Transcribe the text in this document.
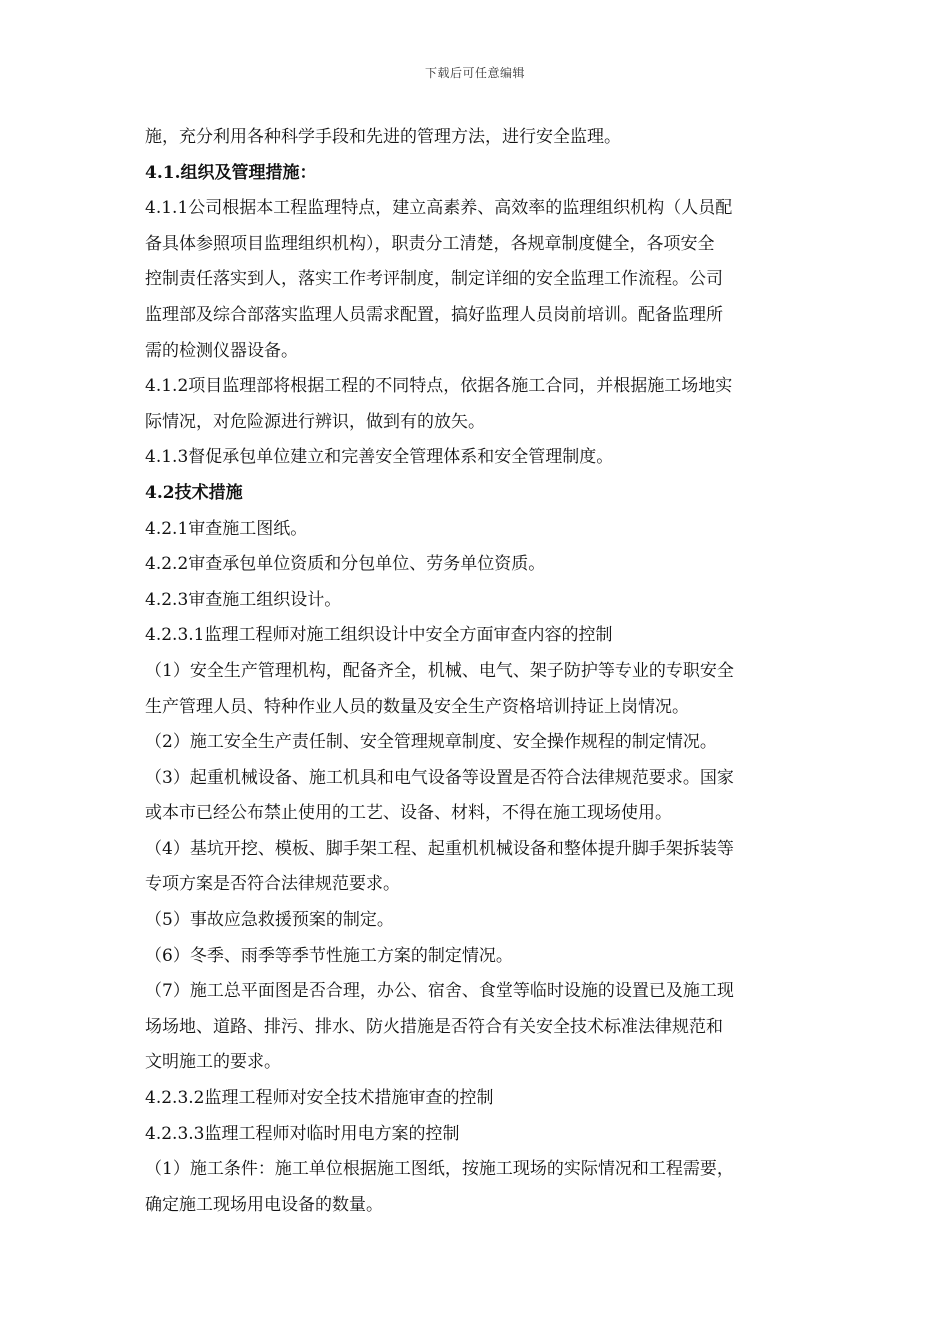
下载后可任意编辑
施，充分利用各种科学手段和先进的管理方法，进行安全监理。
4.1.组织及管理措施：
4.1.1公司根据本工程监理特点，建立高素养、高效率的监理组织机构（人员配
备具体参照项目监理组织机构），职责分工清楚，各规章制度健全，各项安全
控制责任落实到人，落实工作考评制度，制定详细的安全监理工作流程。公司
监理部及综合部落实监理人员需求配置，搞好监理人员岗前培训。配备监理所
需的检测仪器设备。
4.1.2项目监理部将根据工程的不同特点，依据各施工合同，并根据施工场地实
际情况，对危险源进行辨识，做到有的放矢。
4.1.3督促承包单位建立和完善安全管理体系和安全管理制度。
4.2技术措施
4.2.1审查施工图纸。
4.2.2审查承包单位资质和分包单位、劳务单位资质。
4.2.3审查施工组织设计。
4.2.3.1监理工程师对施工组织设计中安全方面审查内容的控制
（1）安全生产管理机构，配备齐全，机械、电气、架子防护等专业的专职安全
生产管理人员、特种作业人员的数量及安全生产资格培训持证上岗情况。
（2）施工安全生产责任制、安全管理规章制度、安全操作规程的制定情况。
（3）起重机械设备、施工机具和电气设备等设置是否符合法律规范要求。国家
或本市已经公布禁止使用的工艺、设备、材料，不得在施工现场使用。
（4）基坑开挖、模板、脚手架工程、起重机机械设备和整体提升脚手架拆装等
专项方案是否符合法律规范要求。
（5）事故应急救援预案的制定。
（6）冬季、雨季等季节性施工方案的制定情况。
（7）施工总平面图是否合理，办公、宿舍、食堂等临时设施的设置已及施工现
场场地、道路、排污、排水、防火措施是否符合有关安全技术标准法律规范和
文明施工的要求。
4.2.3.2监理工程师对安全技术措施审查的控制
4.2.3.3监理工程师对临时用电方案的控制
（1）施工条件：施工单位根据施工图纸，按施工现场的实际情况和工程需要，
确定施工现场用电设备的数量。
